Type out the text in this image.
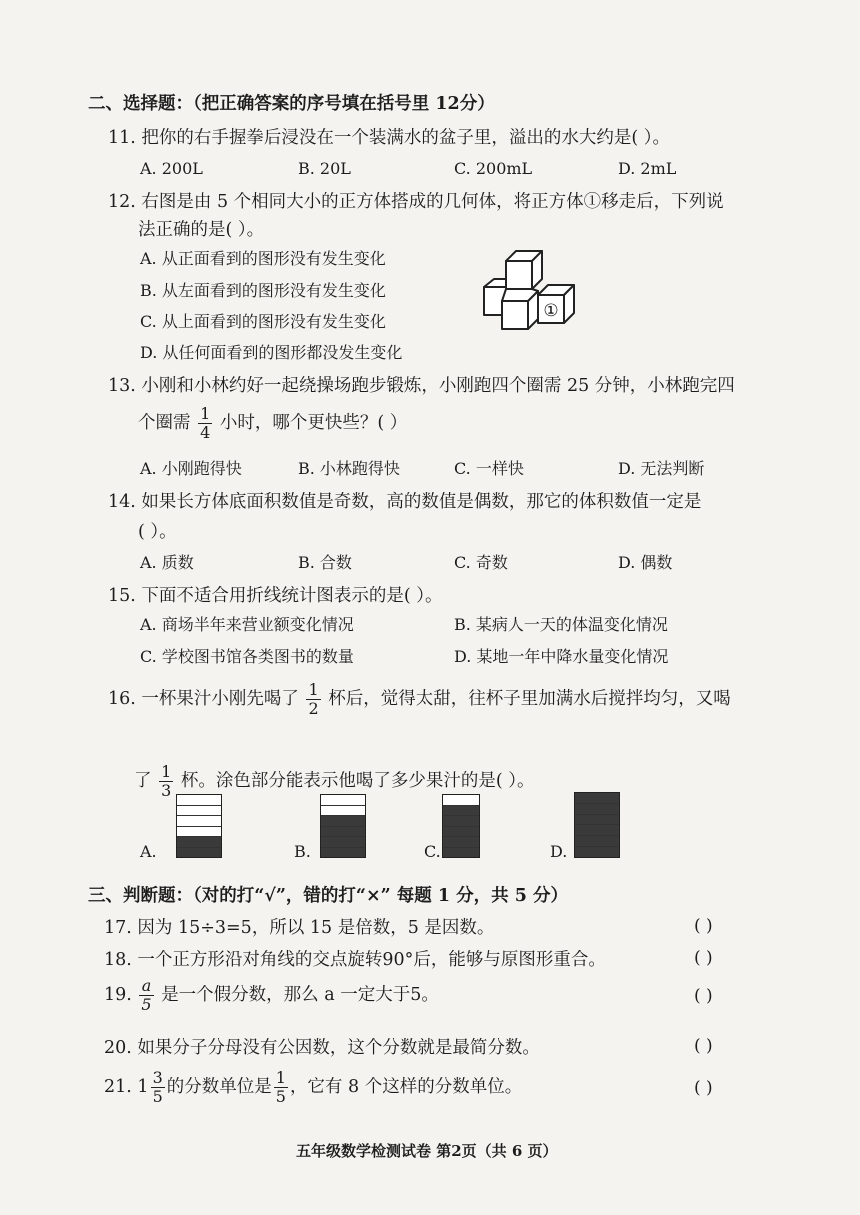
二、选择题：（把正确答案的序号填在括号里 12分）
11. 把你的右手握拳后浸没在一个装满水的盆子里，溢出的水大约是( ）。
A. 200L	B. 20L	C. 200mL	D. 2mL
12. 右图是由 5 个相同大小的正方体搭成的几何体，将正方体①移走后，下列说
法正确的是( ）。
A. 从正面看到的图形没有发生变化
B. 从左面看到的图形没有发生变化
C. 从上面看到的图形没有发生变化
D. 从任何面看到的图形都没发生变化
①
13. 小刚和小林约好一起绕操场跑步锻炼，小刚跑四个圈需 25 分钟，小林跑完四
个圈需 $\frac{1}{4}$ 小时，哪个更快些？( ）
A. 小刚跑得快	B. 小林跑得快	C. 一样快	D. 无法判断
14. 如果长方体底面积数值是奇数，高的数值是偶数，那它的体积数值一定是
( ）。
A. 质数	B. 合数	C. 奇数	D. 偶数
15. 下面不适合用折线统计图表示的是( ）。
A. 商场半年来营业额变化情况	B. 某病人一天的体温变化情况
C. 学校图书馆各类图书的数量	D. 某地一年中降水量变化情况
16. 一杯果汁小刚先喝了 $\frac{1}{2}$ 杯后，觉得太甜，往杯子里加满水后搅拌均匀，又喝
了 $\frac{1}{3}$ 杯。涂色部分能表示他喝了多少果汁的是( ）。
A.	B.	C.	D.
三、判断题：（对的打“√”，错的打“×” 每题 1 分，共 5 分）
17. 因为 15÷3=5，所以 15 是倍数，5 是因数。	( )
18. 一个正方形沿对角线的交点旋转90°后，能够与原图形重合。	( )
19. $\frac{a}{5}$ 是一个假分数，那么 a 一定大于5。	( )
20. 如果分子分母没有公因数，这个分数就是最简分数。	( )
21. $1 \frac{3}{5}$ 的分数单位是 $\frac{1}{5}$ ，它有 8 个这样的分数单位。	( )
五年级数学检测试卷 第2页（共 6 页）
